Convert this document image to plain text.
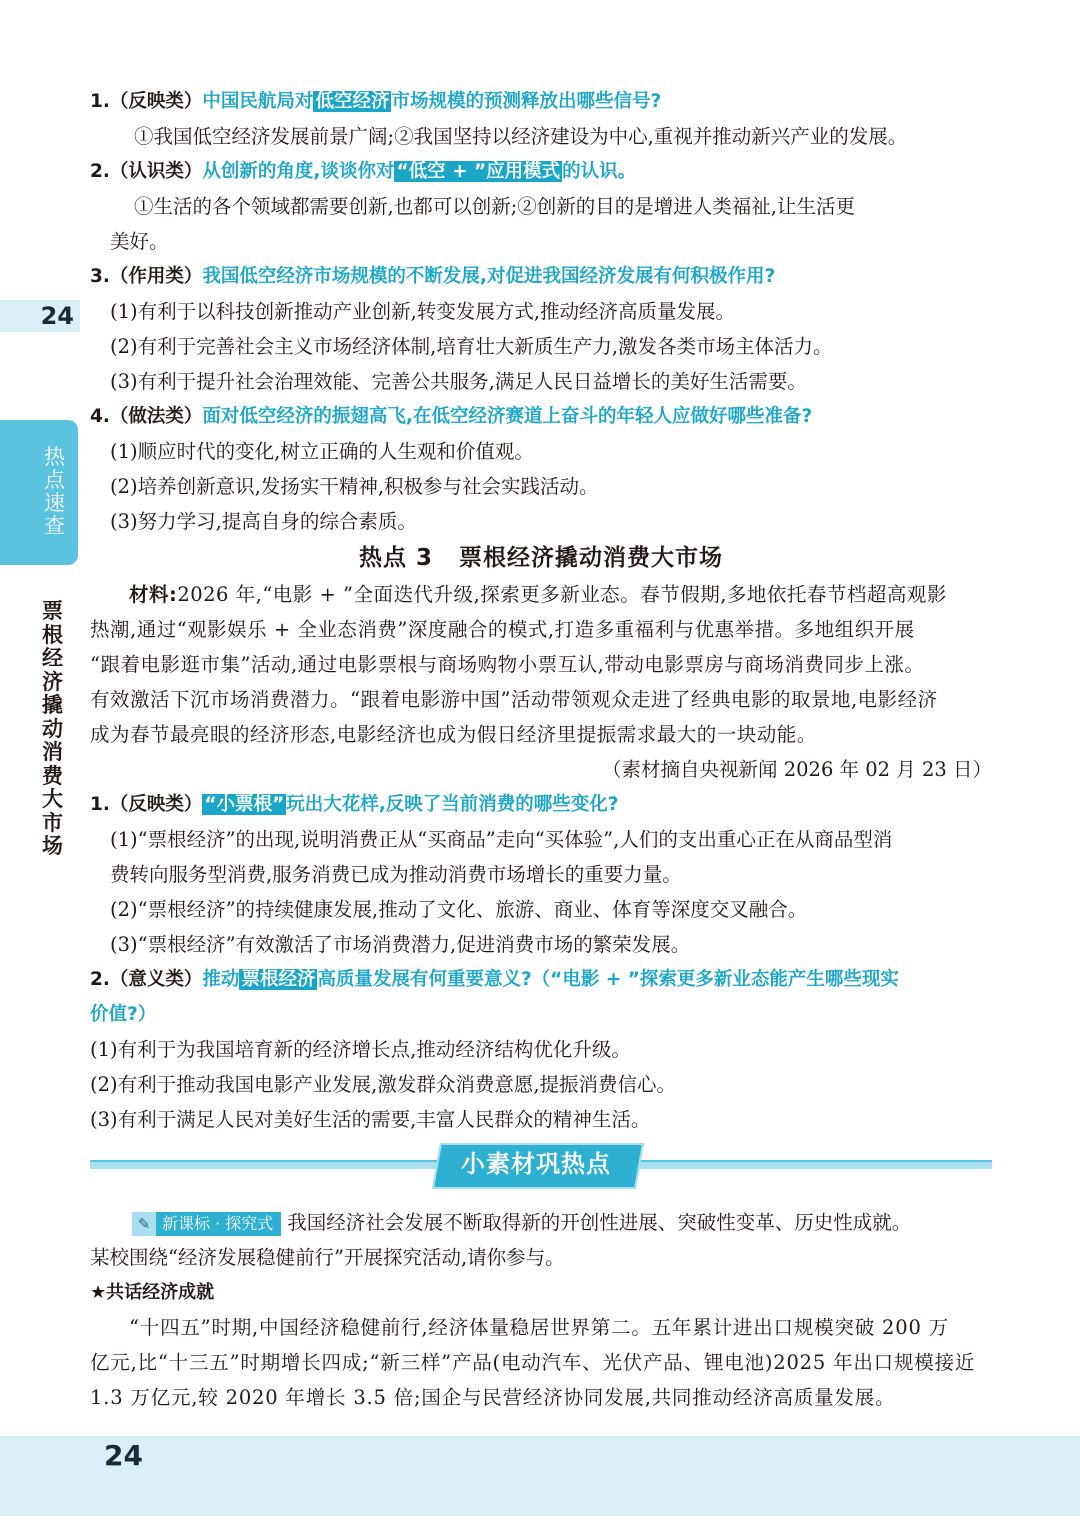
24
热点速查
票根经济撬动消费大市场
1.（反映类）中国民航局对 低空经济 市场规模的预测释放出哪些信号?
①我国低空经济发展前景广阔;②我国坚持以经济建设为中心,重视并推动新兴产业的发展。
2.（认识类）从创新的角度,谈谈你对 “低空 + ”应用模式 的认识。
①生活的各个领域都需要创新,也都可以创新;②创新的目的是增进人类福祉,让生活更
美好。
3.（作用类）我国低空经济市场规模的不断发展,对促进我国经济发展有何积极作用?
(1)有利于以科技创新推动产业创新,转变发展方式,推动经济高质量发展。
(2)有利于完善社会主义市场经济体制,培育壮大新质生产力,激发各类市场主体活力。
(3)有利于提升社会治理效能、完善公共服务,满足人民日益增长的美好生活需要。
4.（做法类）面对低空经济的振翅高飞,在低空经济赛道上奋斗的年轻人应做好哪些准备?
(1)顺应时代的变化,树立正确的人生观和价值观。
(2)培养创新意识,发扬实干精神,积极参与社会实践活动。
(3)努力学习,提高自身的综合素质。
热点 3 票根经济撬动消费大市场
材料:2026 年,“电影 + ”全面迭代升级,探索更多新业态。春节假期,多地依托春节档超高观影
热潮,通过“观影娱乐 + 全业态消费”深度融合的模式,打造多重福利与优惠举措。多地组织开展
“跟着电影逛市集”活动,通过电影票根与商场购物小票互认,带动电影票房与商场消费同步上涨。
有效激活下沉市场消费潜力。“跟着电影游中国”活动带领观众走进了经典电影的取景地,电影经济
成为春节最亮眼的经济形态,电影经济也成为假日经济里提振需求最大的一块动能。
（素材摘自央视新闻 2026 年 02 月 23 日）
1.（反映类） “小票根” 玩出大花样,反映了当前消费的哪些变化?
(1)“票根经济”的出现,说明消费正从“买商品”走向“买体验”,人们的支出重心正在从商品型消
费转向服务型消费,服务消费已成为推动消费市场增长的重要力量。
(2)“票根经济”的持续健康发展,推动了文化、旅游、商业、体育等深度交叉融合。
(3)“票根经济”有效激活了市场消费潜力,促进消费市场的繁荣发展。
2.（意义类）推动 票根经济 高质量发展有何重要意义?（“电影 + ”探索更多新业态能产生哪些现实
价值?）
(1)有利于为我国培育新的经济增长点,推动经济结构优化升级。
(2)有利于推动我国电影产业发展,激发群众消费意愿,提振消费信心。
(3)有利于满足人民对美好生活的需要,丰富人民群众的精神生活。
小素材巩热点
✎ 新课标 · 探究式 我国经济社会发展不断取得新的开创性进展、突破性变革、历史性成就。
某校围绕“经济发展稳健前行”开展探究活动,请你参与。
★共话经济成就
“十四五”时期,中国经济稳健前行,经济体量稳居世界第二。五年累计进出口规模突破 200 万
亿元,比“十三五”时期增长四成;“新三样”产品(电动汽车、光伏产品、锂电池)2025 年出口规模接近
1.3 万亿元,较 2020 年增长 3.5 倍;国企与民营经济协同发展,共同推动经济高质量发展。
24
